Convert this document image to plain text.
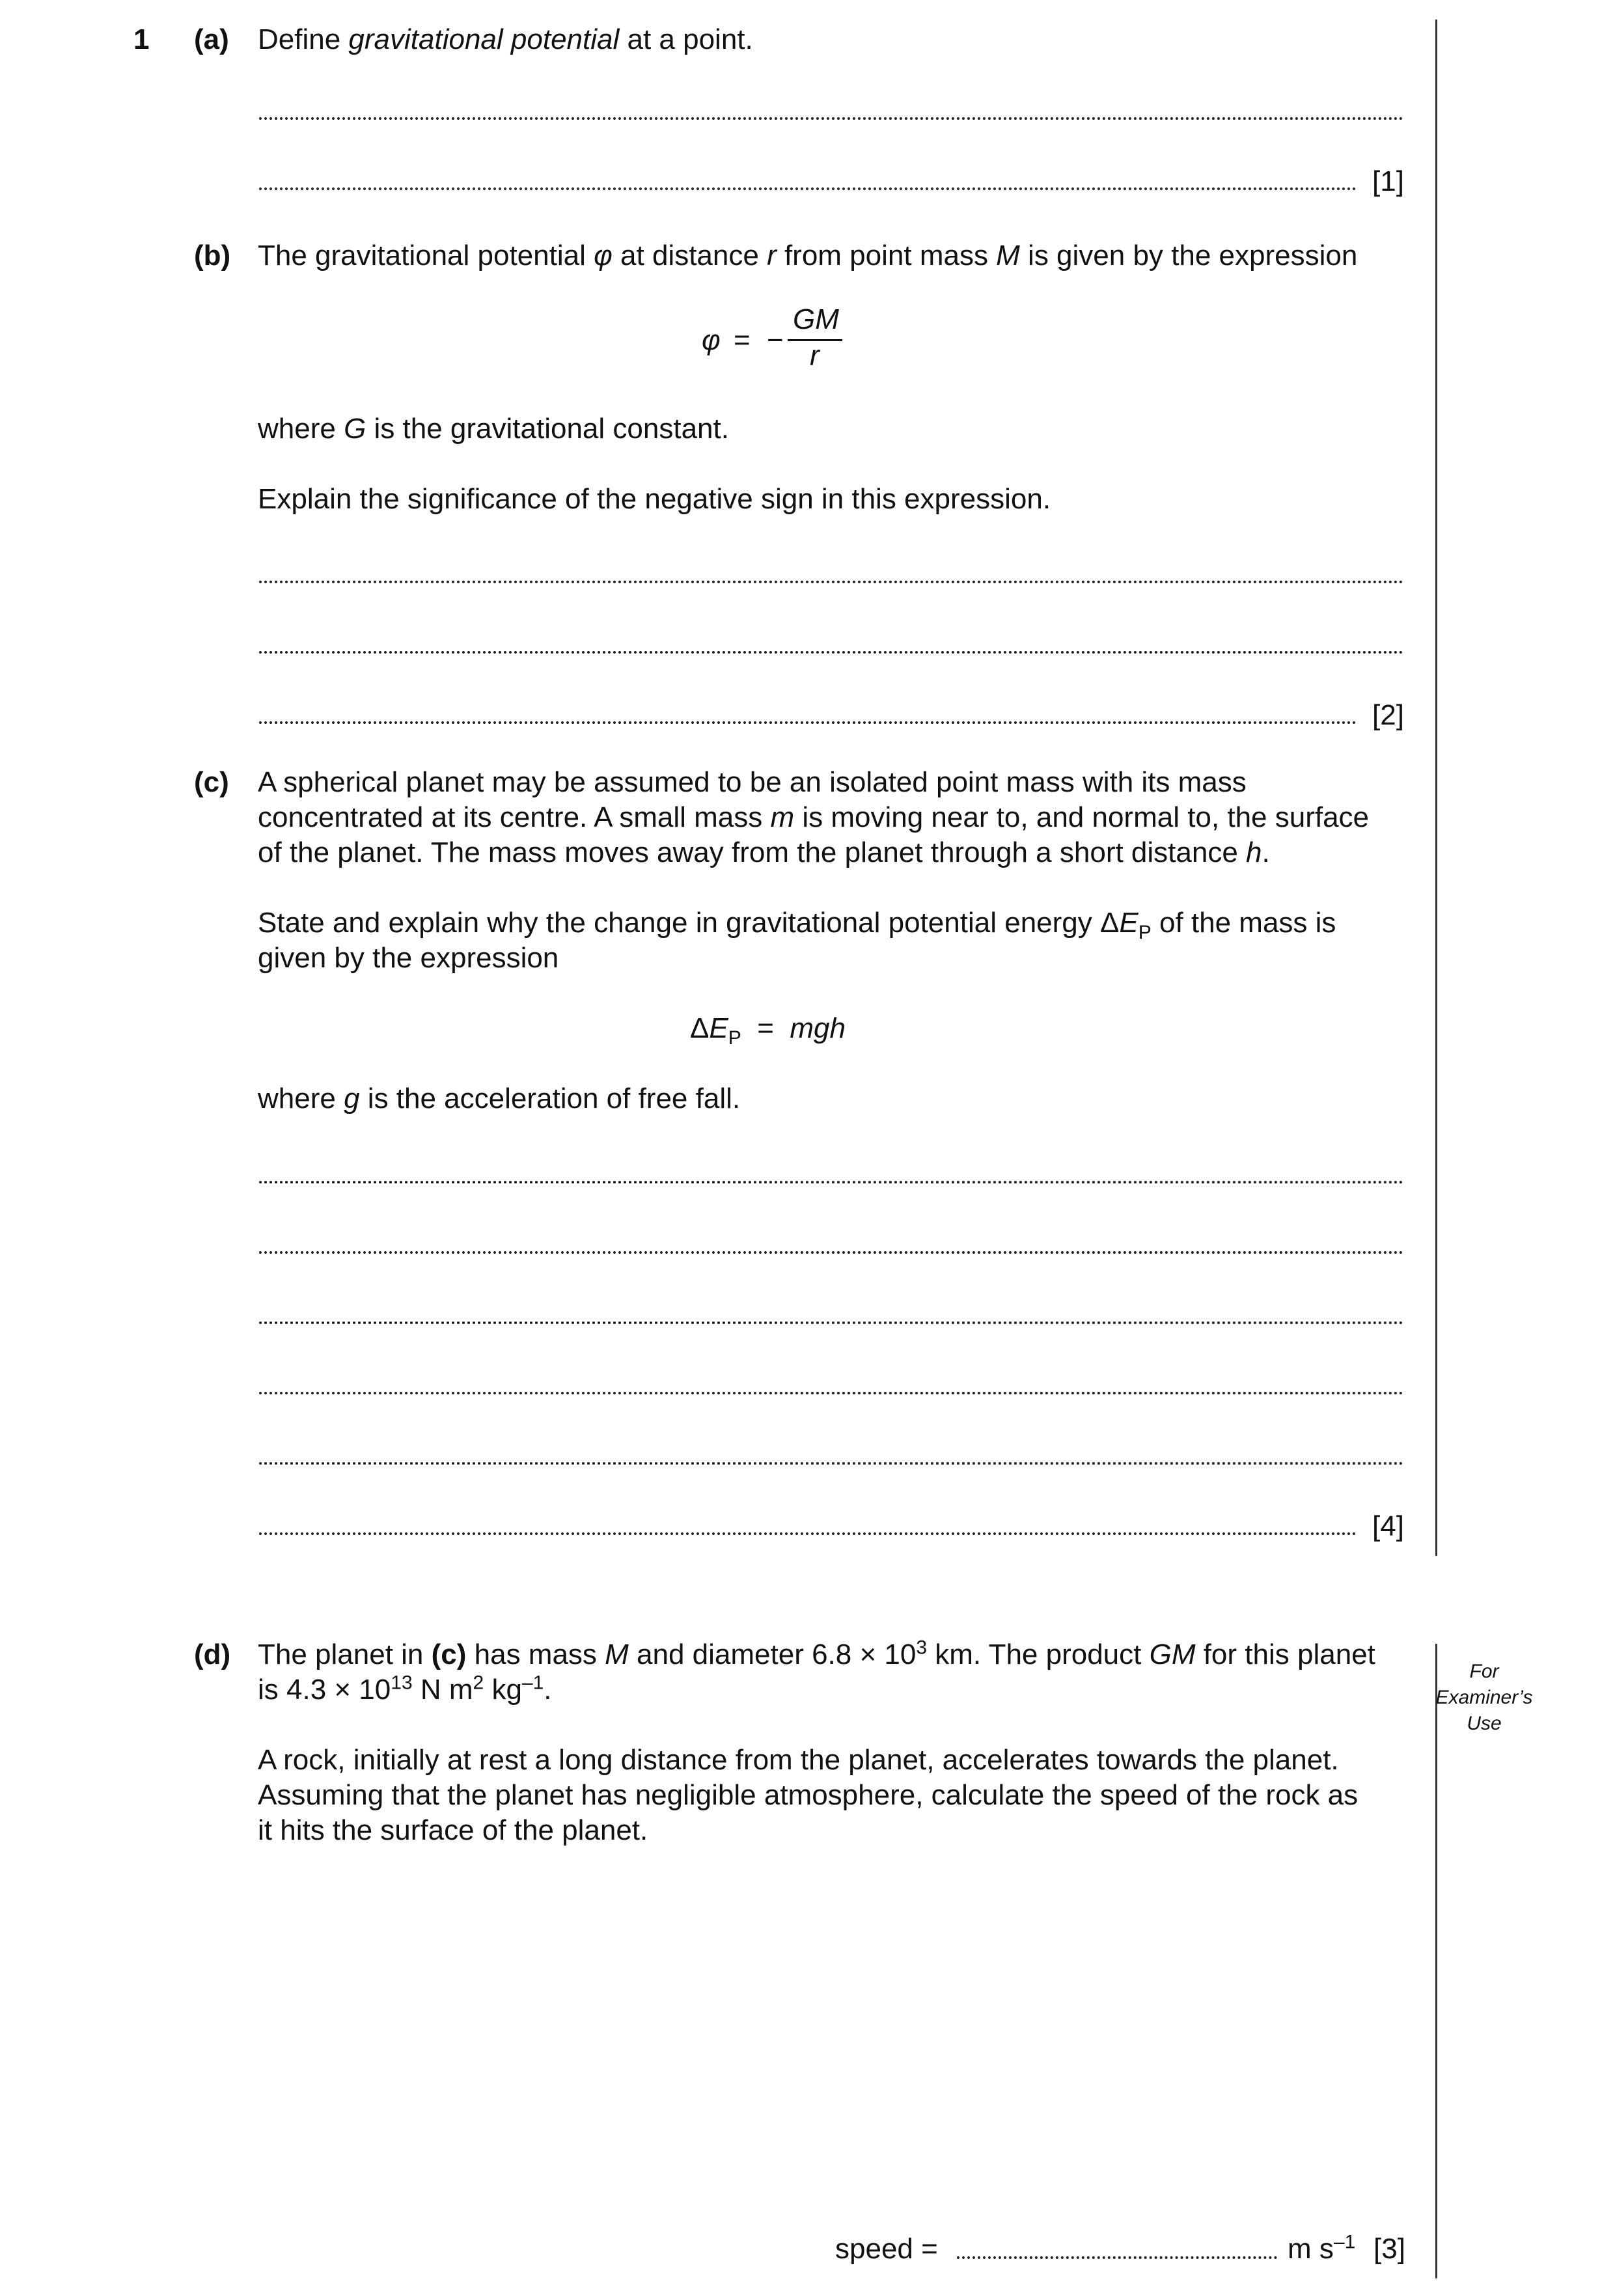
1 (a) Define gravitational potential at a point.
[1]
(b) The gravitational potential φ at distance r from point mass M is given by the expression
φ = −
GM
r
where G is the gravitational constant.
Explain the significance of the negative sign in this expression.
[2]
(c) A spherical planet may be assumed to be an isolated point mass with its mass
concentrated at its centre. A small mass m is moving near to, and normal to, the surface
of the planet. The mass moves away from the planet through a short distance h.
State and explain why the change in gravitational potential energy $\Delta E_P$ of the mass is
given by the expression
$\Delta E_P$ = mgh
where g is the acceleration of free fall.
[4]
For
Examiner’s
Use
(d) The planet in (c) has mass M and diameter $6.8 \times 10^3$ km. The product GM for this planet
is $4.3 \times 10^{13}$ N $m^2$ $kg^{-1}$.
A rock, initially at rest a long distance from the planet, accelerates towards the planet.
Assuming that the planet has negligible atmosphere, calculate the speed of the rock as
it hits the surface of the planet.
speed =	m $s^{-1}$ [3]
